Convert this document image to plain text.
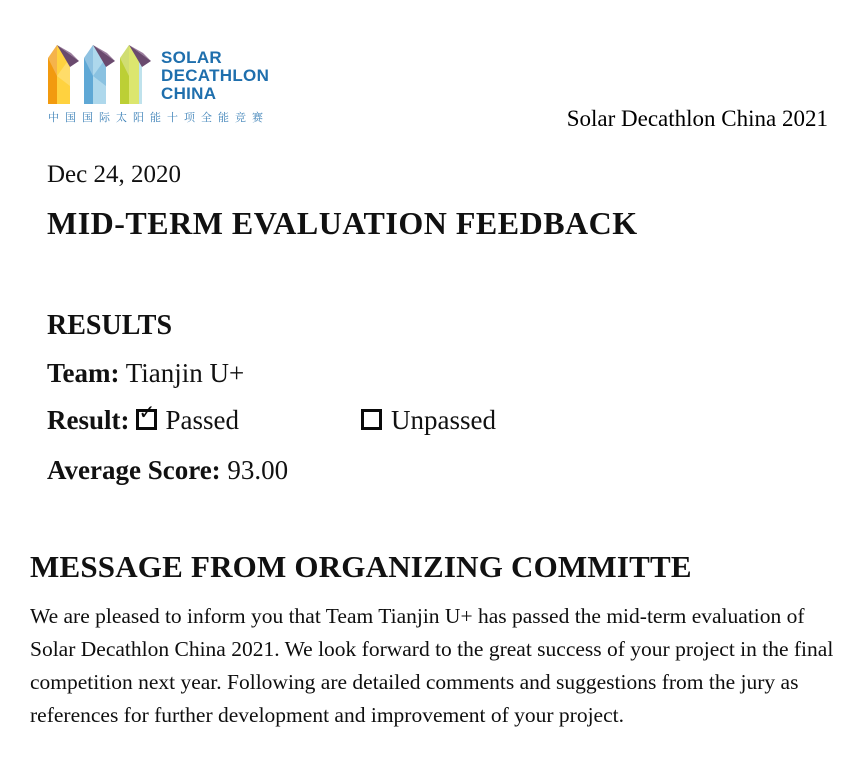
SOLAR
DECATHLON
CHINA
中国国际太阳能十项全能竞赛	Solar Decathlon China 2021
Dec 24, 2020
MID-TERM EVALUATION FEEDBACK
RESULTS
Team: Tianjin U+
Result: ✓ Passed	Unpassed
Average Score: 93.00
MESSAGE FROM ORGANIZING COMMITTE
We are pleased to inform you that Team Tianjin U+ has passed the mid-term evaluation of Solar Decathlon China 2021. We look forward to the great success of your project in the final competition next year. Following are detailed comments and suggestions from the jury as references for further development and improvement of your project.
